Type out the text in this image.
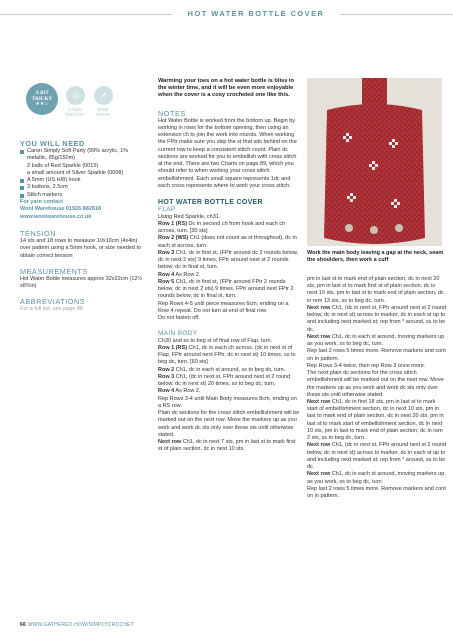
HOT WATER BOTTLE COVER
A BIT
TRICKY
★★☆
◎
HAND
WEIGHT
↗
5MM
HOOK
YOU WILL NEED
Caron Simply Soft Party (99% acrylic, 1% metallic, 85g/150m)
2 balls of Red Sparkle (0015)
a small amount of Silver Sparkle (0008)
A 5mm (US H/8) hook
3 buttons, 2.5cm
Stitch markers
For yarn contact
Wool Warehouse 01926 882818
www.woolwarehouse.co.uk
TENSION
14 sts and 18 rows to measure 10x10cm (4x4in) over pattern using a 5mm hook, or size needed to obtain correct tension
MEASUREMENTS
Hot Water Bottle measures approx 32x22cm (12½ x8¾in)
ABBREVIATIONS
For a full list, see page 88
Warming your toes on a hot water bottle is bliss in the winter time, and it will be even more enjoyable when the cover is a cosy crocheted one like this.
NOTES
Hot Water Bottle is worked from the bottom up. Begin by working in rows for the bottom opening, then using an extension ch to join the work into rounds. When working the FPtr make sure you skip the st that sits behind on the current row to keep a consistent stitch count. Plain dc sections are worked for you to embellish with cross stitch at the end. There are two Charts on page 89, which you should refer to when working your cross stitch embellishment. Each small square represents 1dc and each cross represents where to work your cross stitch.
HOT WATER BOTTLE COVER
FLAP
Using Red Sparkle, ch31.
Row 1 (RS) Dc in second ch from hook and each ch across, turn. [30 sts]
Row 2 (WS) Ch1 (does not count as st throughout), dc in each st across, turn.
Row 3 Ch1, dc in first st, (FPtr around dc 2 rounds below, dc in next 2 sts) 9 times, FPtr around next st 2 rounds below, dc in final st, turn.
Row 4 As Row 2.
Row 5 Ch1, dc in first st, (FPtr around FPtr 2 rounds below, dc in next 2 sts) 9 times, FPtr around next FPtr 2 rounds below, dc in final st, turn.
Rep Rows 4-5 until piece measures 6cm, ending on a Row 4 repeat. Do not turn at end of final row.
Do not fasten off.
MAIN BODY
Ch30 and ss to beg st of final row of Flap, turn.
Row 1 (RS) Ch1, dc in each ch across, (dc in next st of Flap, FPtr around next FPtr, dc in next st) 10 times, ss to beg dc, turn. [60 sts]
Row 2 Ch1, dc in each st around, ss to beg dc, turn.
Row 3 Ch1, (dc in next st, FPtr around next st 2 round below, dc in next st) 20 times, ss to beg dc, turn.
Row 4 As Row 2.
Rep Rows 3-4 until Main Body measures 8cm, ending on a RS row.
Plain dc sections for the cross stitch embellishment will be marked out on the next row. Move the markers up as you work and work dc sts only over these sts until otherwise stated.
Next row Ch1, dc in next 7 sts, pm in last st to mark first st of plain section, dc in next 10 sts,
Work the main body leaving a gap at the neck, seam the shoulders, then work a cuff
pm in last st to mark end of plain section, dc in next 20 sts, pm in last st to mark first st of plain section, dc in next 10 sts, pm in last st to mark end of plain section, dc in rem 13 sts, ss to beg dc, turn.
Next row Ch1, (dc in next st, FPtr around next st 2 round below, dc in next st) across to marker, dc in each st up to and including next marked st; rep from * around, ss to be dc.
Next row Ch1, dc in each st around, moving markers up as you work, ss to beg dc, turn.
Rep last 2 rows 5 times more. Remove markers and cont on in pattern.
Rep Rows 3-4 twice, then rep Row 3 once more.
The next plain dc sections for the cross stitch embellishment will be marked out on the next row. Move the markers up as you work and work dc sts only over these sts until otherwise stated.
Next row Ch1, dc in first 18 sts, pm in last st to mark start of embellishment section, dc in next 10 sts, pm in last to mark end of plain section, dc in next 20 sts, pm in last st to mark start of embellishment section, dc in next 10 sts, pm in last to mark end of plain section, dc in rem 2 sts, ss to beg dc, turn.
Next row Ch1, (dc in next st, FPtr around next st 2 round below, dc in next st) across to marker, dc in each st up to and including next marked st; rep from * around, ss to be dc.
Next row Ch1, dc in each st around, moving markers up as you work, ss to beg dc, turn.
Rep last 2 rows 5 times more. Remove markers and cont on in pattern.
66 WWW.GATHERED.HOW/SIMPLYCROCHET
